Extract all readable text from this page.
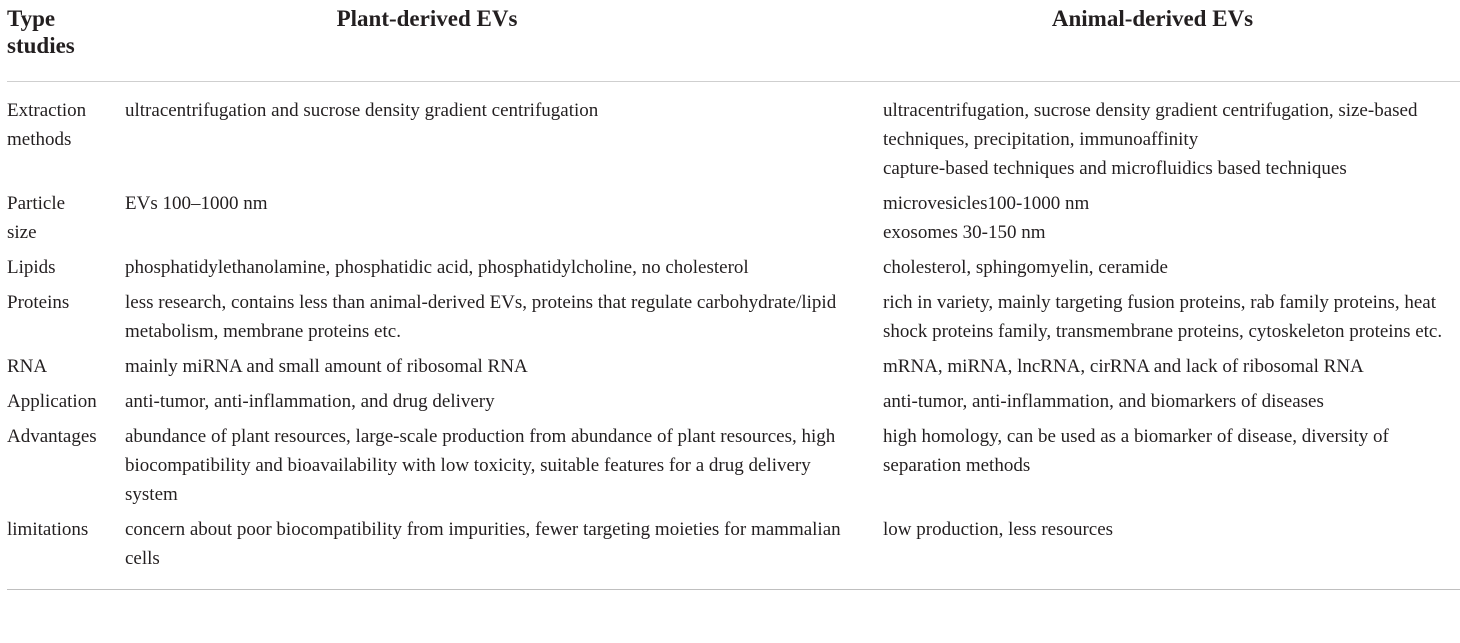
Type
studies	Plant-derived EVs	Animal-derived EVs

Extraction
methods	ultracentrifugation and sucrose density gradient centrifugation	ultracentrifugation, sucrose density gradient centrifugation, size-based techniques, precipitation, immunoaffinity
capture-based techniques and microfluidics based techniques

Particle
size	EVs 100–1000 nm	microvesicles100-1000 nm
exosomes 30-150 nm

Lipids	phosphatidylethanolamine, phosphatidic acid, phosphatidylcholine, no cholesterol	cholesterol, sphingomyelin, ceramide

Proteins	less research, contains less than animal-derived EVs, proteins that regulate carbohydrate/lipid metabolism, membrane proteins etc.	rich in variety, mainly targeting fusion proteins, rab family proteins, heat shock proteins family, transmembrane proteins, cytoskeleton proteins etc.

RNA	mainly miRNA and small amount of ribosomal RNA	mRNA, miRNA, lncRNA, cirRNA and lack of ribosomal RNA

Application	anti-tumor, anti-inflammation, and drug delivery	anti-tumor, anti-inflammation, and biomarkers of diseases

Advantages	abundance of plant resources, large-scale production from abundance of plant resources, high biocompatibility and bioavailability with low toxicity, suitable features for a drug delivery system	high homology, can be used as a biomarker of disease, diversity of separation methods

limitations	concern about poor biocompatibility from impurities, fewer targeting moieties for mammalian cells	low production, less resources
